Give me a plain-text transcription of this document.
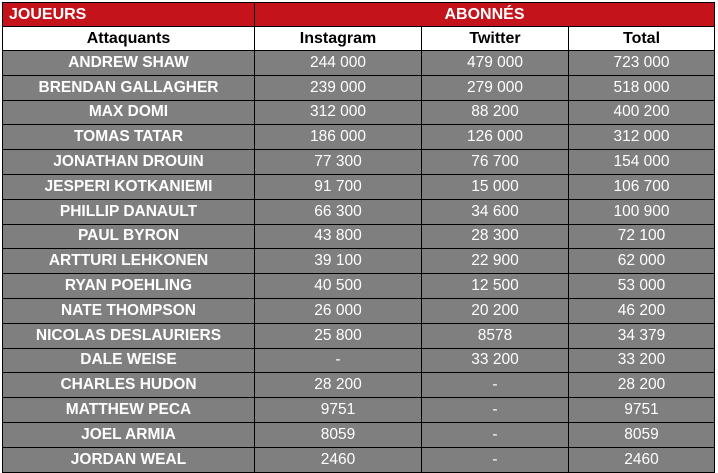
JOUEURS	ABONNÉS		
Attaquants	Instagram	Twitter	Total
ANDREW SHAW	244 000	479 000	723 000
BRENDAN GALLAGHER	239 000	279 000	518 000
MAX DOMI	312 000	88 200	400 200
TOMAS TATAR	186 000	126 000	312 000
JONATHAN DROUIN	77 300	76 700	154 000
JESPERI KOTKANIEMI	91 700	15 000	106 700
PHILLIP DANAULT	66 300	34 600	100 900
PAUL BYRON	43 800	28 300	72 100
ARTTURI LEHKONEN	39 100	22 900	62 000
RYAN POEHLING	40 500	12 500	53 000
NATE THOMPSON	26 000	20 200	46 200
NICOLAS DESLAURIERS	25 800	8578	34 379
DALE WEISE	-	33 200	33 200
CHARLES HUDON	28 200	-	28 200
MATTHEW PECA	9751	-	9751
JOEL ARMIA	8059	-	8059
JORDAN WEAL	2460	-	2460
